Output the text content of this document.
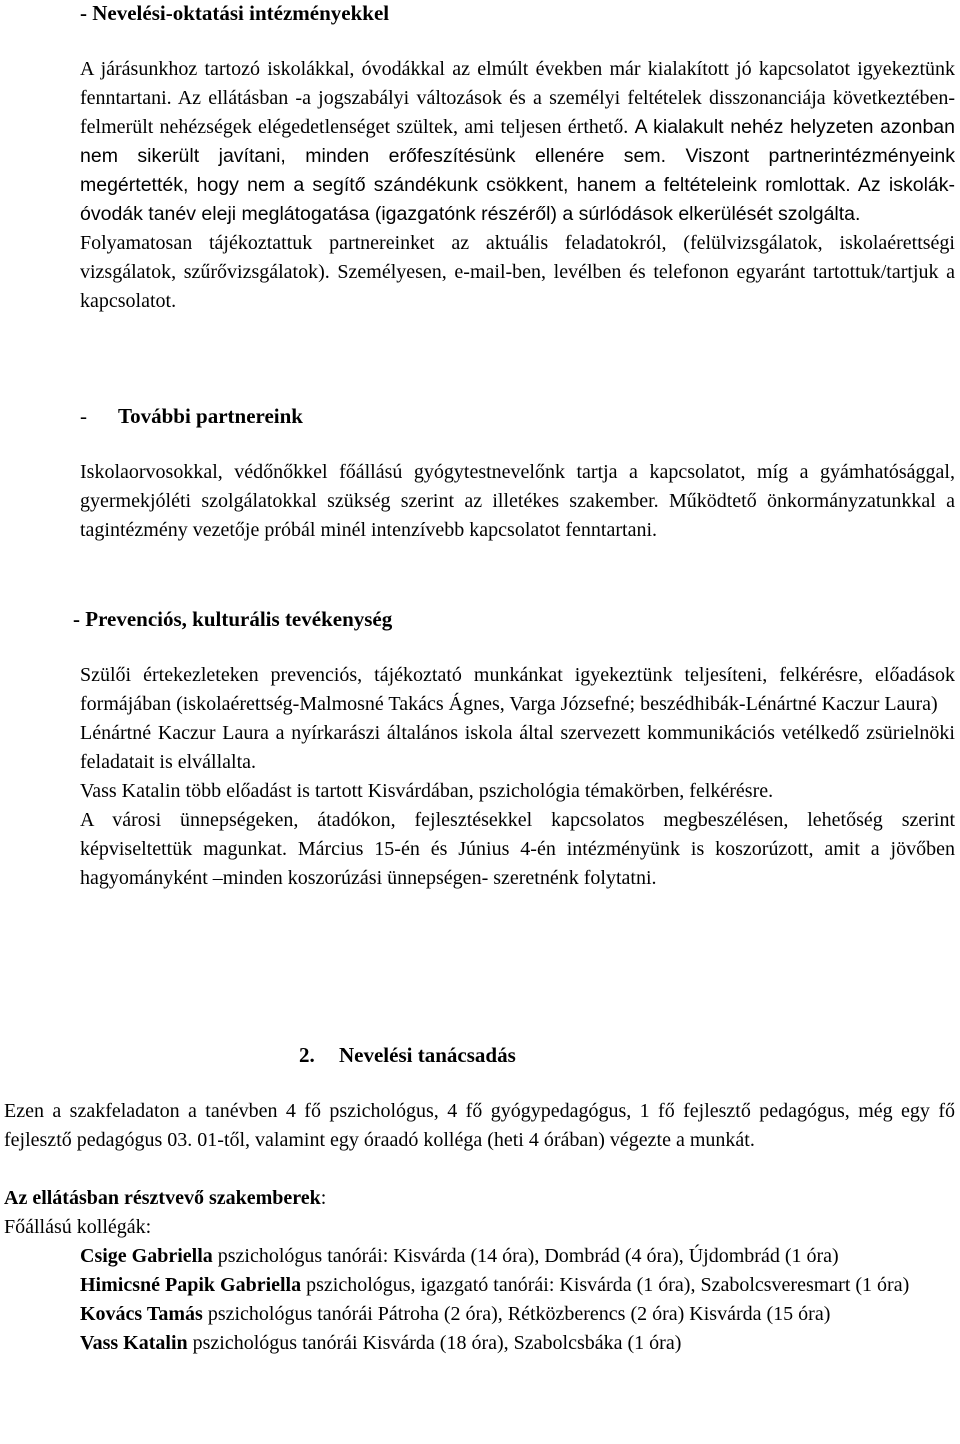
- Nevelési-oktatási intézményekkel

A járásunkhoz tartozó iskolákkal, óvodákkal az elmúlt években már kialakított jó kapcsolatot igyekeztünk fenntartani. Az ellátásban -a jogszabályi változások és a személyi feltételek disszonanciája következtében- felmerült nehézségek elégedetlenséget szültek, ami teljesen érthető. A kialakult nehéz helyzeten azonban nem sikerült javítani, minden erőfeszítésünk ellenére sem. Viszont partnerintézményeink megértették, hogy nem a segítő szándékunk csökkent, hanem a feltételeink romlottak. Az iskolák-óvodák tanév eleji meglátogatása (igazgatónk részéről) a súrlódások elkerülését szolgálta.

Folyamatosan tájékoztattuk partnereinket az aktuális feladatokról, (felülvizsgálatok, iskolaérettségi vizsgálatok, szűrővizsgálatok). Személyesen, e-mail-ben, levélben és telefonon egyaránt tartottuk/tartjuk a kapcsolatot.

- További partnereink

Iskolaorvosokkal, védőnőkkel főállású gyógytestnevelőnk tartja a kapcsolatot, míg a gyámhatósággal, gyermekjóléti szolgálatokkal szükség szerint az illetékes szakember. Működtető önkormányzatunkkal a tagintézmény vezetője próbál minél intenzívebb kapcsolatot fenntartani.

- Prevenciós, kulturális tevékenység

Szülői értekezleteken prevenciós, tájékoztató munkánkat igyekeztünk teljesíteni, felkérésre, előadások formájában (iskolaérettség-Malmosné Takács Ágnes, Varga Józsefné; beszédhibák-Lénártné Kaczur Laura)

Lénártné Kaczur Laura a nyírkarászi általános iskola által szervezett kommunikációs vetélkedő zsürielnöki feladatait is elvállalta.

Vass Katalin több előadást is tartott Kisvárdában, pszichológia témakörben, felkérésre.

A városi ünnepségeken, átadókon, fejlesztésekkel kapcsolatos megbeszélésen, lehetőség szerint képviseltettük magunkat. Március 15-én és Június 4-én intézményünk is koszorúzott, amit a jövőben hagyományként –minden koszorúzási ünnepségen- szeretnénk folytatni.

2. Nevelési tanácsadás

Ezen a szakfeladaton a tanévben 4 fő pszichológus, 4 fő gyógypedagógus, 1 fő fejlesztő pedagógus, még egy fő fejlesztő pedagógus 03. 01-től, valamint egy óraadó kolléga (heti 4 órában) végezte a munkát.

Az ellátásban résztvevő szakemberek:
Főállású kollégák:

Csige Gabriella pszichológus tanórái: Kisvárda (14 óra), Dombrád (4 óra), Újdombrád (1 óra)

Himicsné Papik Gabriella pszichológus, igazgató tanórái: Kisvárda (1 óra), Szabolcsveresmart (1 óra)

Kovács Tamás pszichológus tanórái Pátroha (2 óra), Rétközberencs (2 óra) Kisvárda (15 óra)

Vass Katalin pszichológus tanórái Kisvárda (18 óra), Szabolcsbáka (1 óra)
